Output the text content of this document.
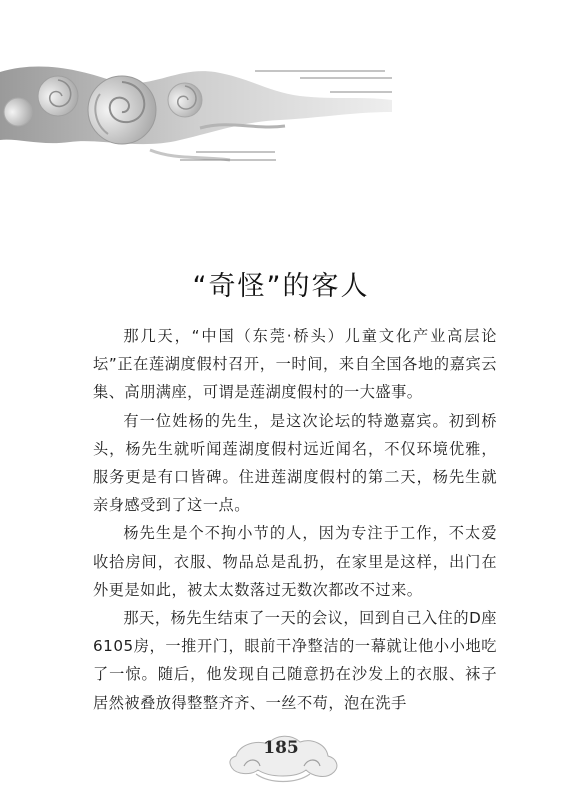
“奇怪”的客人

那几天，“中国（东莞·桥头）儿童文化产业高层论坛”正在莲湖度假村召开，一时间，来自全国各地的嘉宾云集、高朋满座，可谓是莲湖度假村的一大盛事。

有一位姓杨的先生，是这次论坛的特邀嘉宾。初到桥头，杨先生就听闻莲湖度假村远近闻名，不仅环境优雅，服务更是有口皆碑。住进莲湖度假村的第二天，杨先生就亲身感受到了这一点。

杨先生是个不拘小节的人，因为专注于工作，不太爱收拾房间，衣服、物品总是乱扔，在家里是这样，出门在外更是如此，被太太数落过无数次都改不过来。

那天，杨先生结束了一天的会议，回到自己入住的D座6105房，一推开门，眼前干净整洁的一幕就让他小小地吃了一惊。随后，他发现自己随意扔在沙发上的衣服、袜子居然被叠放得整整齐齐、一丝不苟，泡在洗手

185
